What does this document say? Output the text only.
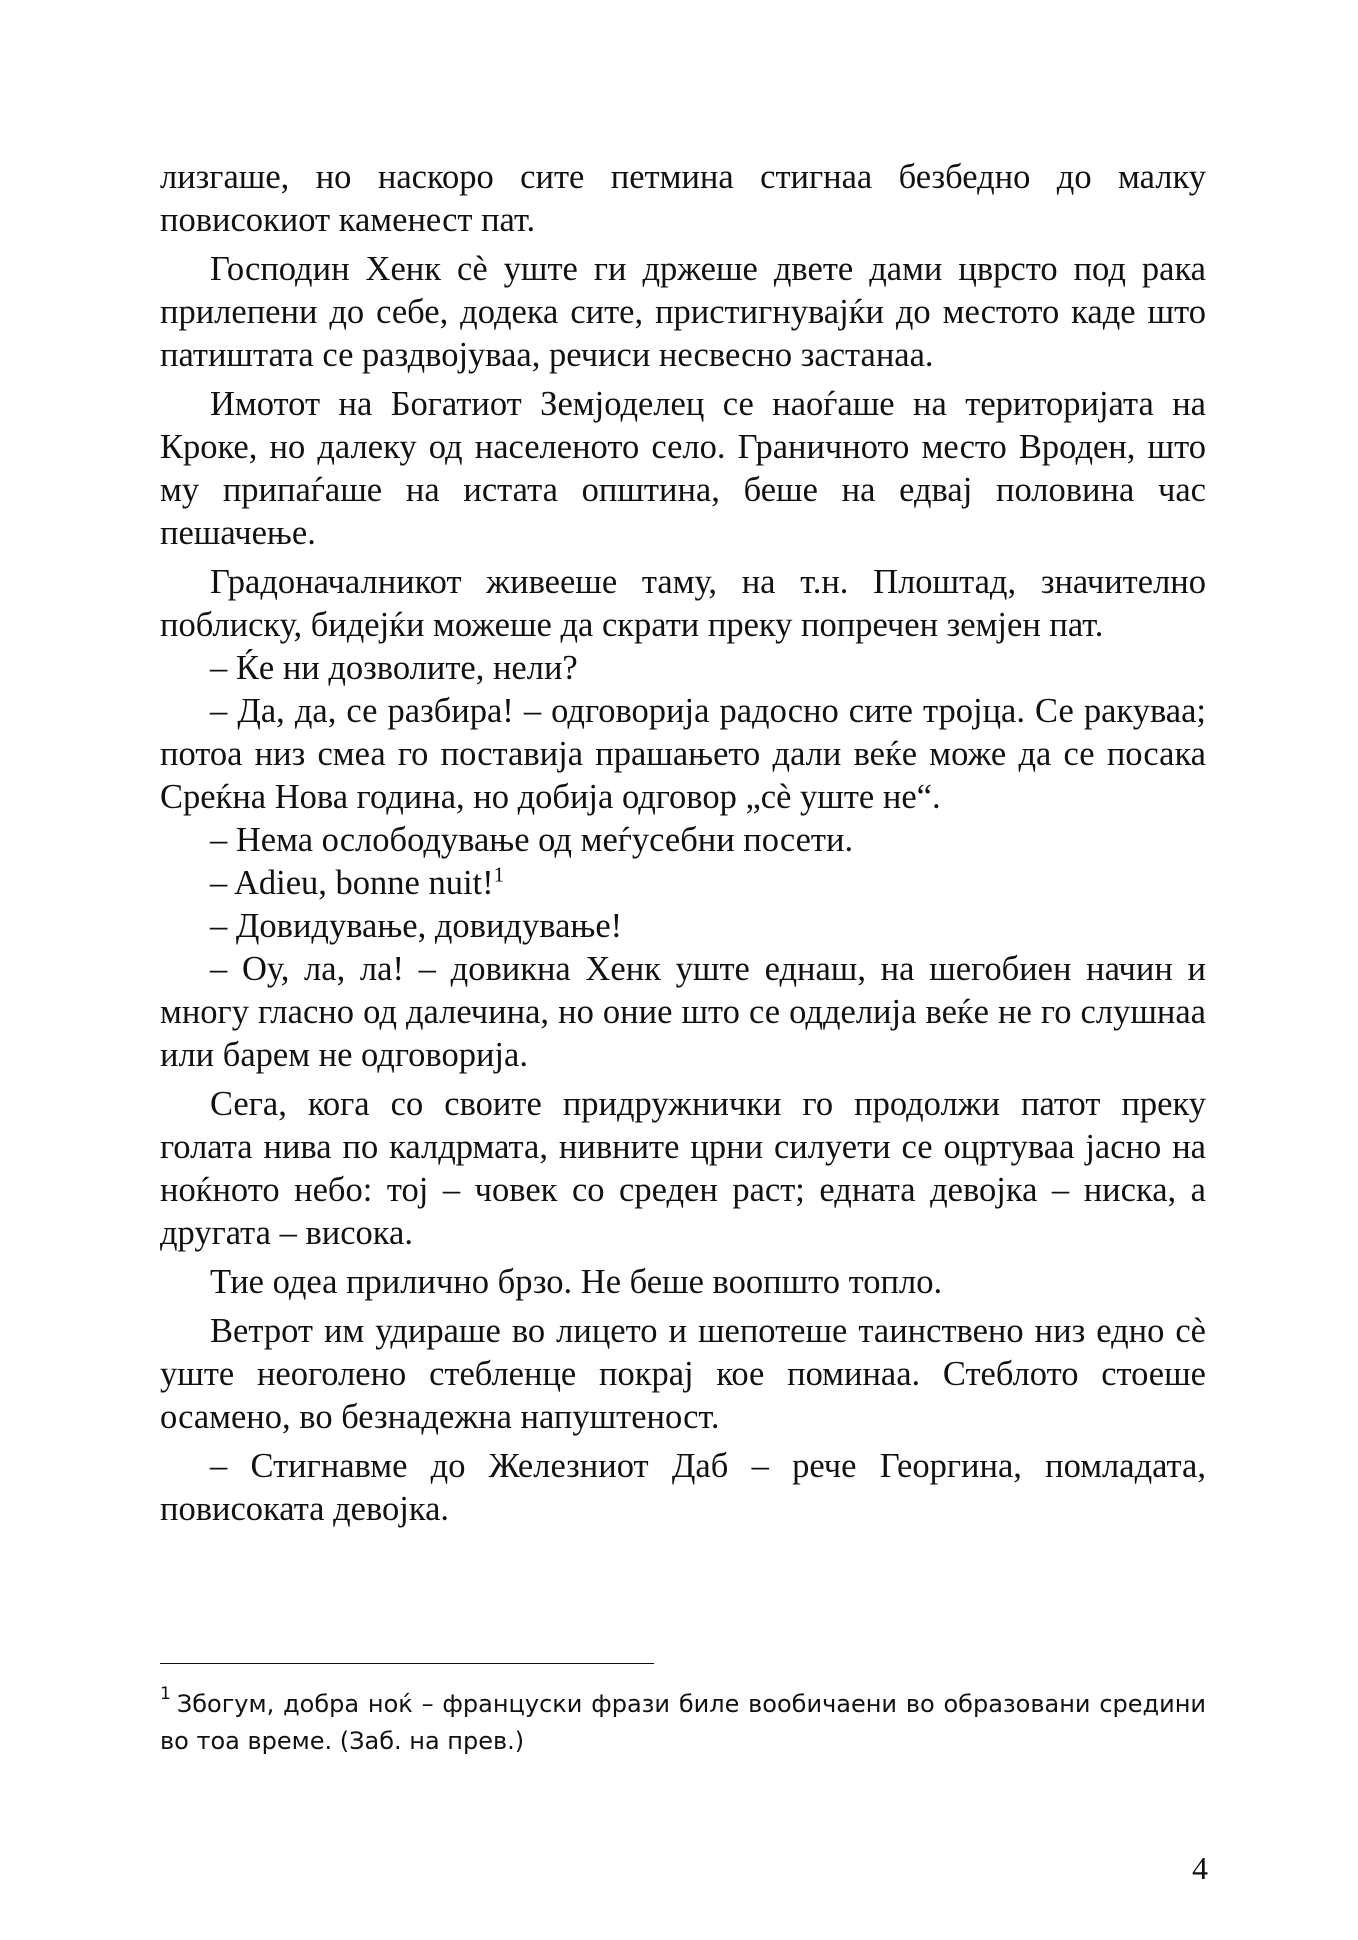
лизгаше, но наскоро сите петмина стигнаа безбедно до малку повисокиот каменест пат.

Господин Хенк сѐ уште ги држеше двете дами цврсто под рака прилепени до себе, додека сите, пристигнувајќи до местото каде што патиштата се раздвојуваа, речиси несвесно застанаа.

Имотот на Богатиот Земјоделец се наоѓаше на територијата на Кроке, но далеку од населеното село. Граничното место Вроден, што му припаѓаше на истата општина, беше на едвај половина час пешачење.

Градоначалникот живееше таму, на т.н. Плоштад, значително поблиску, бидејќи можеше да скрати преку попречен земјен пат.

– Ќе ни дозволите, нели?

– Да, да, се разбира! – одговорија радосно сите тројца. Се ракуваа; потоа низ смеа го поставија прашањето дали веќе може да се посака Среќна Нова година, но добија одговор „сѐ уште не“.

– Нема ослободување од меѓусебни посети.

– Adieu, bonne nuit!$^1$

– Довидување, довидување!

– Оу, ла, ла! – довикна Хенк уште еднаш, на шегобиен начин и многу гласно од далечина, но оние што се одделија веќе не го слушнаа или барем не одговорија.

Сега, кога со своите придружнички го продолжи патот преку голата нива по калдрмата, нивните црни силуети се оцртуваа јасно на ноќното небо: тој – човек со среден раст; едната девојка – ниска, а другата – висока.

Тие одеа прилично брзо. Не беше воопшто топло.

Ветрот им удираше во лицето и шепотеше таинствено низ едно сѐ уште неоголено стебленце покрај кое поминаа. Стеблото стоеше осамено, во безнадежна напуштеност.

– Стигнавме до Железниот Даб – рече Георгина, помладата, повисоката девојка.

$^1$ Збогум, добра ноќ – француски фрази биле вообичаени во образовани средини во тоа време. (Заб. на прев.)
4
